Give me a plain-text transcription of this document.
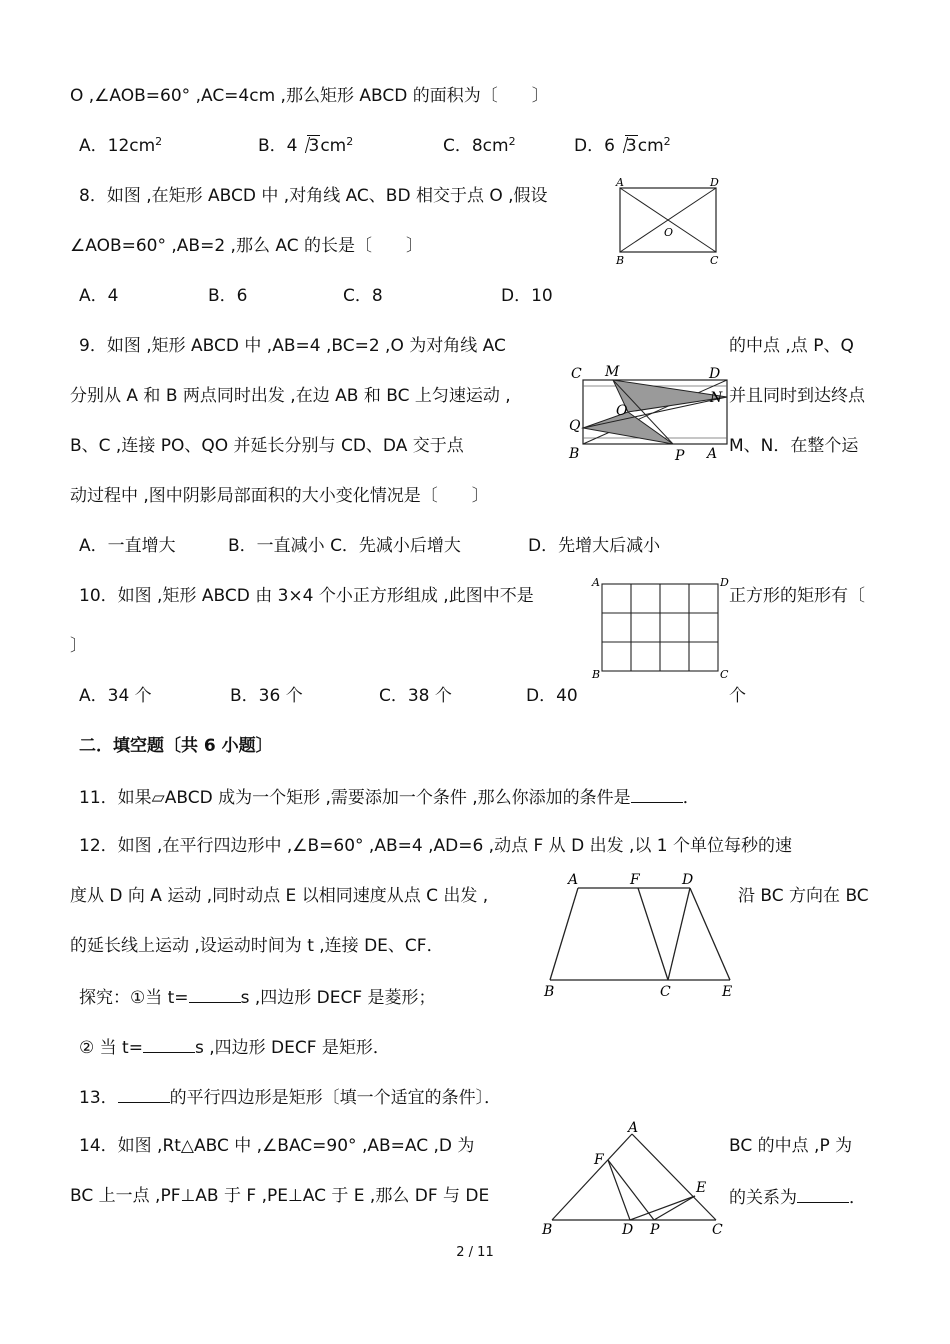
O ,∠AOB=60° ,AC=4cm ,那么矩形 ABCD 的面积为〔　　〕
A．$12cm^2$	B．4 $3cm^2$	C．$8cm^2$	D．6 $3cm^2$
8．如图 ,在矩形 ABCD 中 ,对角线 AC、BD 相交于点 O ,假设
∠AOB=60° ,AB=2 ,那么 AC 的长是〔　　〕
A．4	B．6	C．8	D．10
A	D
B	C
O
9．如图 ,矩形 ABCD 中 ,AB=4 ,BC=2 ,O 为对角线 AC	的中点 ,点 P、Q
分别从 A 和 B 两点同时出发 ,在边 AB 和 BC 上匀速运动 ,	并且同时到达终点
B、C ,连接 PO、QO 并延长分别与 CD、DA 交于点	M、N．在整个运
动过程中 ,图中阴影局部面积的大小变化情况是〔　　〕
A．一直增大	B．一直减小 C．先减小后增大	D．先增大后减小
C M	D
N
O
Q
B	P A
10．如图 ,矩形 ABCD 由 3×4 个小正方形组成 ,此图中不是	正方形的矩形有〔
〕
A．34 个	B．36 个	C．38 个	D．40	个
A	D
B	C
二．填空题〔共 6 小题〕
11．如果▱ABCD 成为一个矩形 ,需要添加一个条件 ,那么你添加的条件是	．
12．如图 ,在平行四边形中 ,∠B=60° ,AB=4 ,AD=6 ,动点 F 从 D 出发 ,以 1 个单位每秒的速
度从 D 向 A 运动 ,同时动点 E 以相同速度从点 C 出发 ,	沿 BC 方向在 BC
的延长线上运动 ,设运动时间为 t ,连接 DE、CF．
探究：①当 t=	s ,四边形 DECF 是菱形；
② 当 t=	s ,四边形 DECF 是矩形．
A	F	D
B	C	E
13．	的平行四边形是矩形〔填一个适宜的条件〕．
14．如图 ,Rt△ABC 中 ,∠BAC=90° ,AB=AC ,D 为	BC 的中点 ,P 为
BC 上一点 ,PF⊥AB 于 F ,PE⊥AC 于 E ,那么 DF 与 DE	的关系为	．
A
F
E
B	D P	C
2 / 11
